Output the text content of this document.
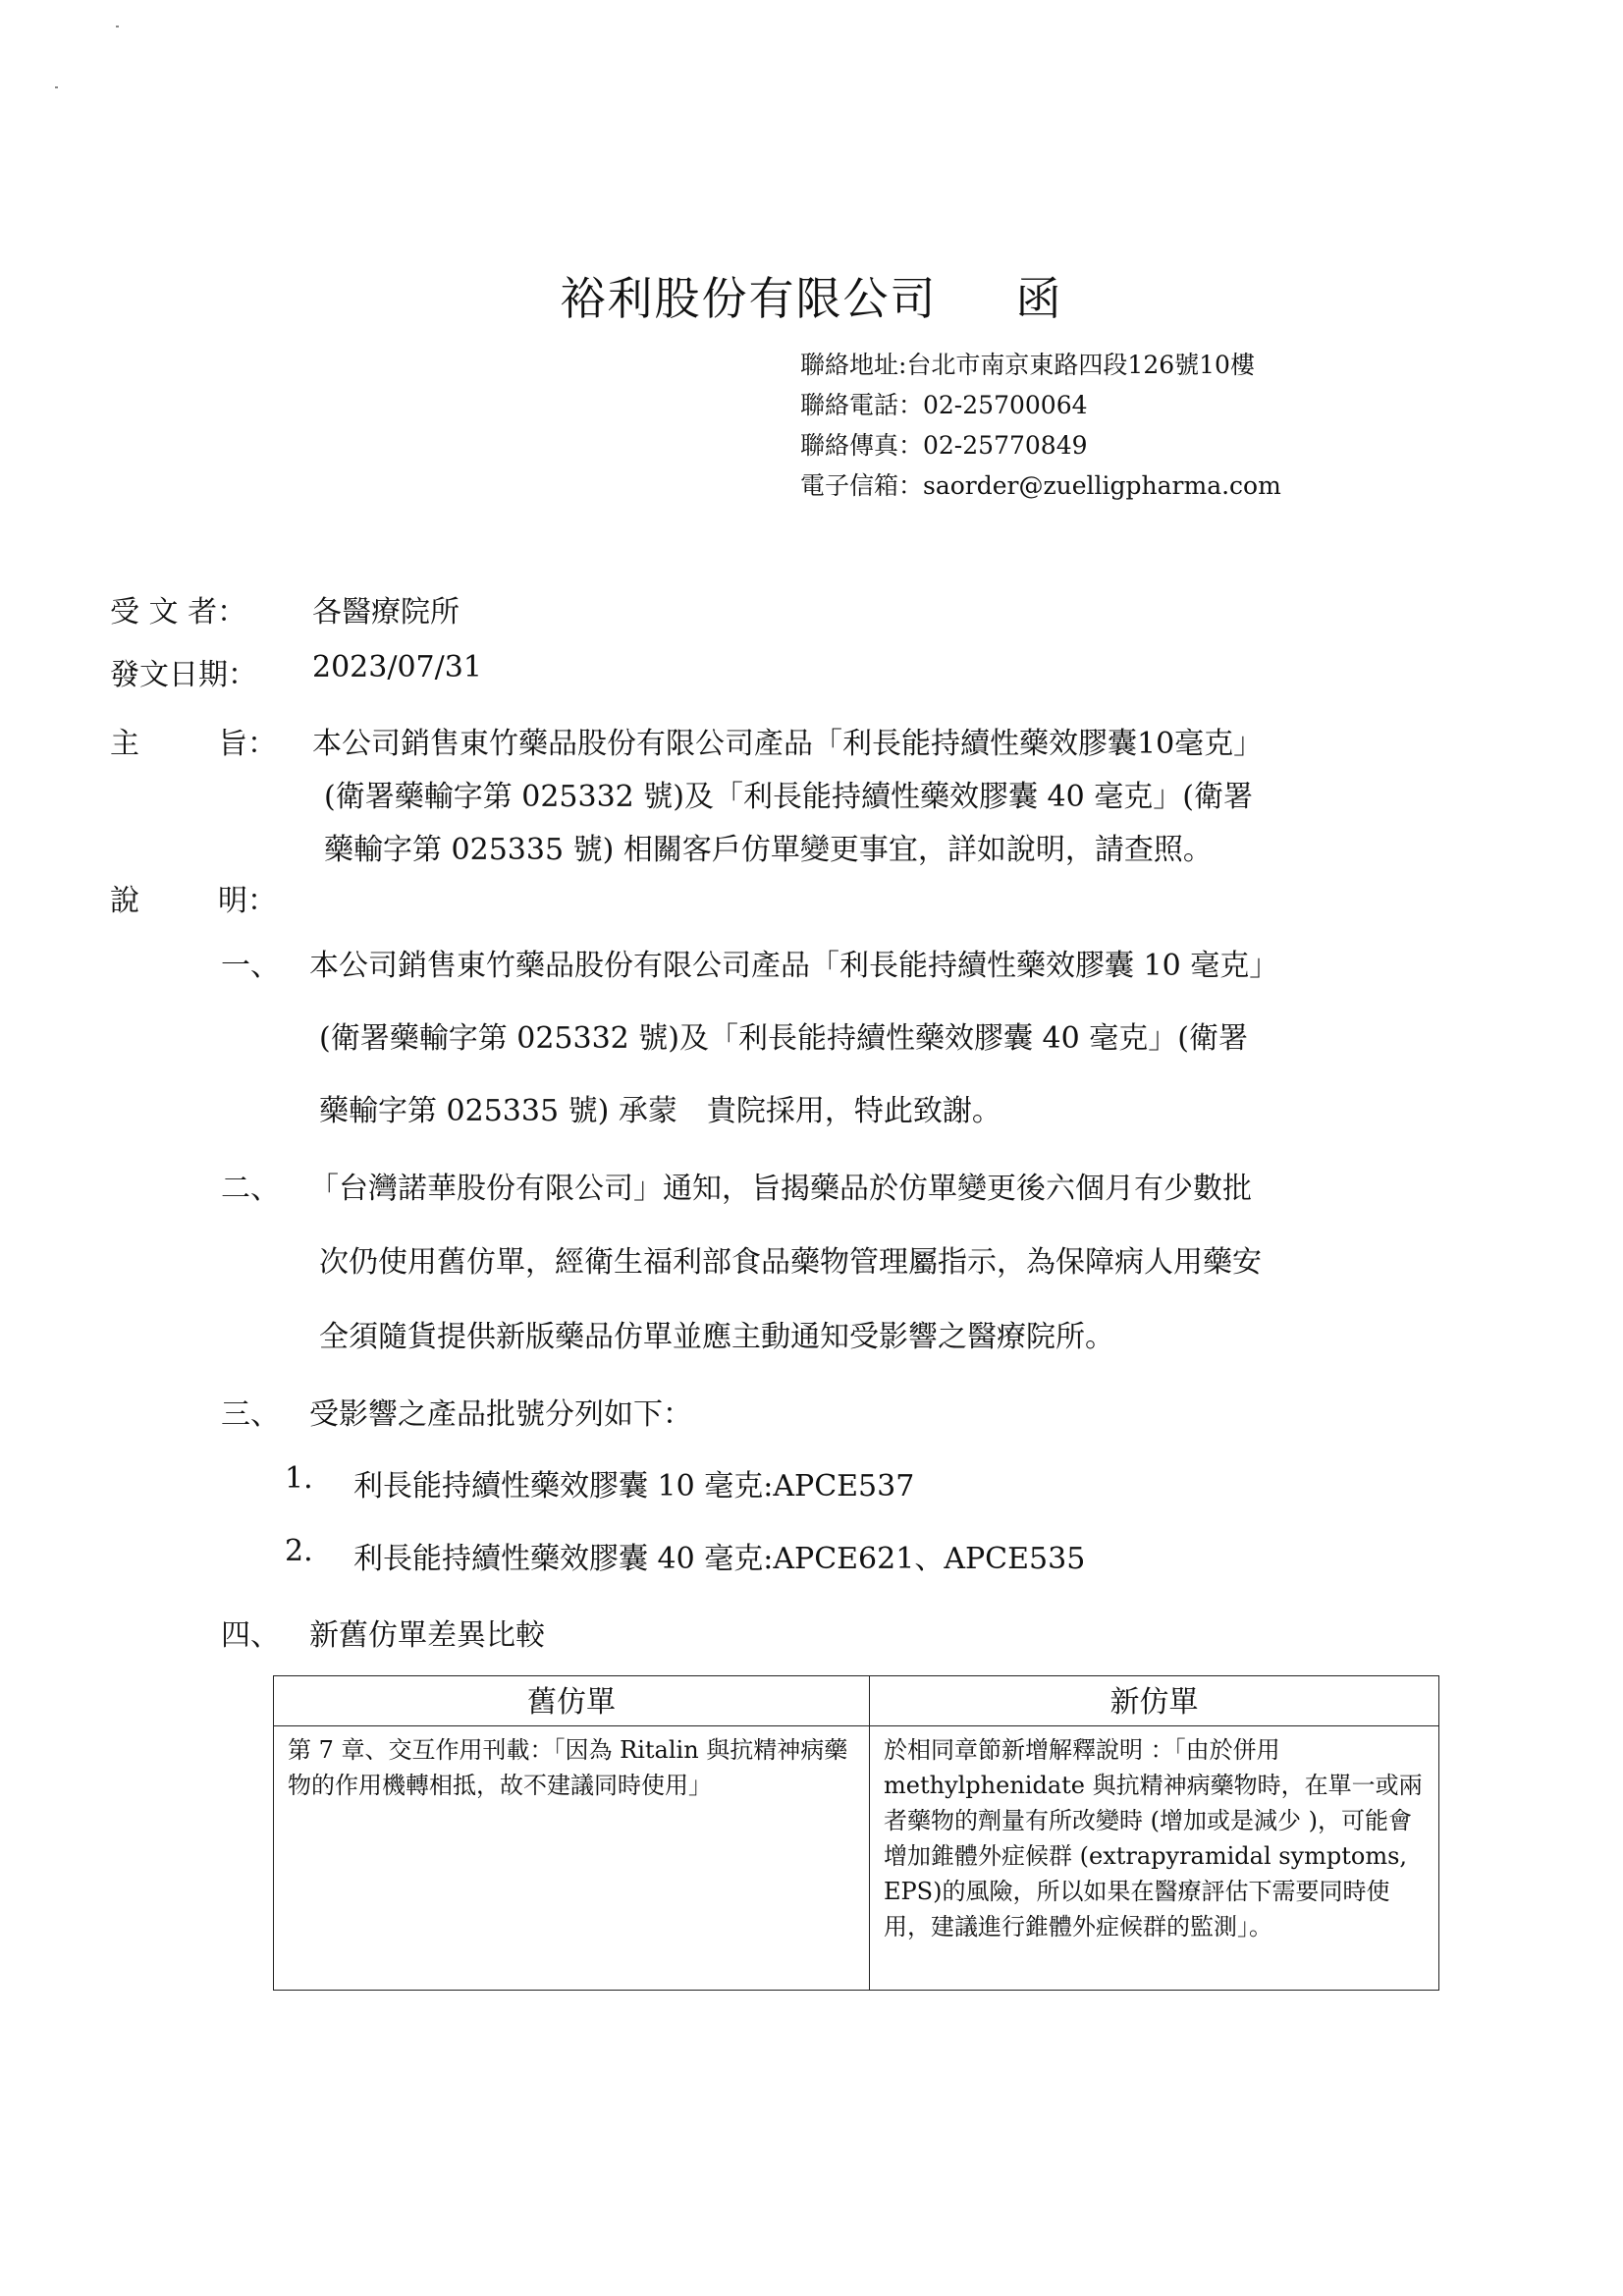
裕利股份有限公司 函
聯絡地址:台北市南京東路四段126號10樓
聯絡電話：02-25700064
聯絡傳真：02-25770849
電子信箱：saorder@zuelligpharma.com
受 文 者： 各醫療院所
發文日期： 2023/07/31
主	旨： 本公司銷售東竹藥品股份有限公司產品「利長能持續性藥效膠囊10毫克」
(衛署藥輸字第 025332 號)及「利長能持續性藥效膠囊 40 毫克」(衛署
藥輸字第 025335 號) 相關客戶仿單變更事宜，詳如說明，請查照。
說	明：
一、 本公司銷售東竹藥品股份有限公司產品「利長能持續性藥效膠囊 10 毫克」
(衛署藥輸字第 025332 號)及「利長能持續性藥效膠囊 40 毫克」(衛署
藥輸字第 025335 號) 承蒙　貴院採用，特此致謝。
二、 「台灣諾華股份有限公司」通知，旨揭藥品於仿單變更後六個月有少數批
次仍使用舊仿單，經衛生福利部食品藥物管理屬指示，為保障病人用藥安
全須隨貨提供新版藥品仿單並應主動通知受影響之醫療院所。
三、 受影響之產品批號分列如下：
1. 利長能持續性藥效膠囊 10 毫克:APCE537
2. 利長能持續性藥效膠囊 40 毫克:APCE621、APCE535
四、 新舊仿單差異比較
舊仿單	新仿單
第 7 章、交互作用刊載：「因為 Ritalin 與抗精神病藥物的作用機轉相抵，故不建議同時使用」	於相同章節新增解釋說明 ：「由於併用 methylphenidate 與抗精神病藥物時，在單一或兩者藥物的劑量有所改變時 (增加或是減少 )，可能會增加錐體外症候群 (extrapyramidal symptoms, EPS)的風險，所以如果在醫療評估下需要同時使用，建議進行錐體外症候群的監測」。
